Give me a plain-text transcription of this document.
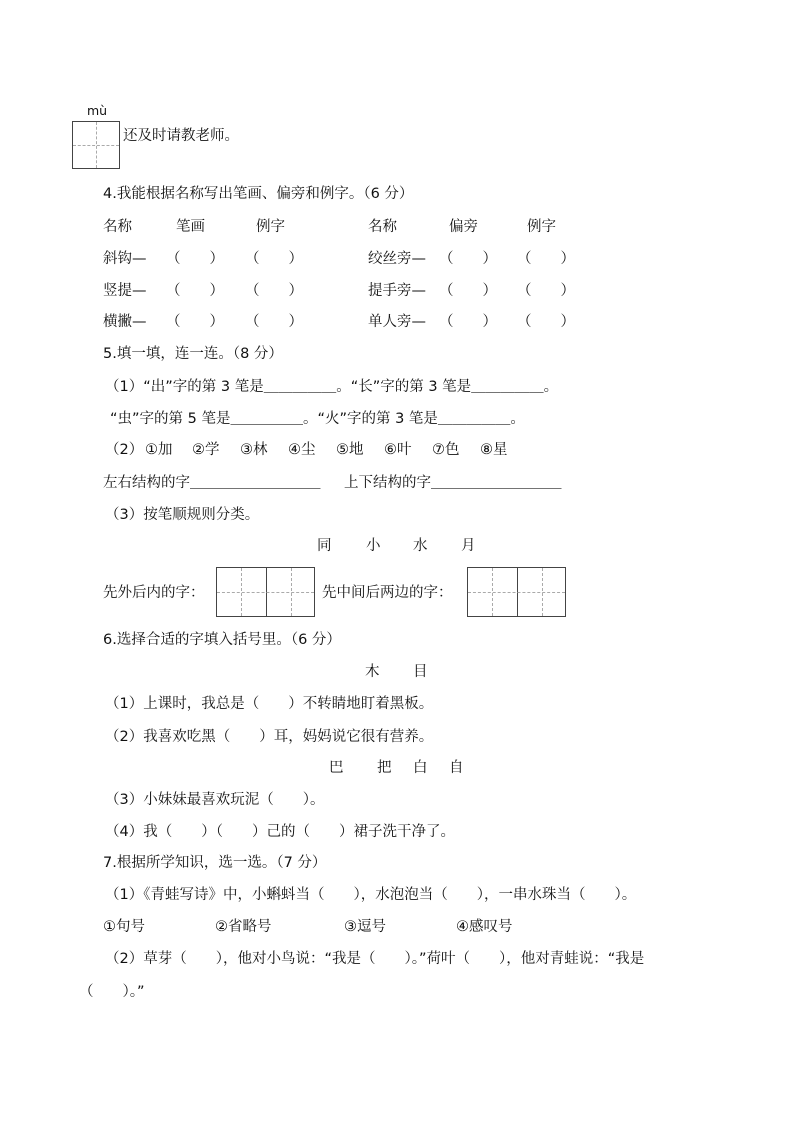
mù
还及时请教老师。
4.我能根据名称写出笔画、偏旁和例字。（6 分）
名称	笔画	例字	名称	偏旁	例字
斜钩— （　　） （　　）	绞丝旁— （　　） （　　）
竖提— （　　） （　　）	提手旁— （　　） （　　）
横撇— （　　） （　　）	单人旁— （　　） （　　）
5.填一填，连一连。（8 分）
（1）“出”字的第 3 笔是＿＿＿＿＿。“长”字的第 3 笔是＿＿＿＿＿。
“虫”字的第 5 笔是＿＿＿＿＿。“火”字的第 3 笔是＿＿＿＿＿。
（2） ①加 ②学 ③林 ④尘 ⑤地 ⑥叶 ⑦色 ⑧星
左右结构的字＿＿＿＿＿＿＿＿＿ 上下结构的字＿＿＿＿＿＿＿＿＿
（3）按笔顺规则分类。
同 小 水 月
先外后内的字：	先中间后两边的字：
6.选择合适的字填入括号里。（6 分）
木 目
（1）上课时，我总是（　　）不转睛地盯着黑板。
（2）我喜欢吃黑（　　）耳，妈妈说它很有营养。
巴 把 白 自
（3）小妹妹最喜欢玩泥（　　）。
（4）我（　　）（　　）己的（　　）裙子洗干净了。
7.根据所学知识，选一选。（7 分）
（1）《青蛙写诗》中，小蝌蚪当（　　），水泡泡当（　　），一串水珠当（　　）。
①句号	②省略号	③逗号	④感叹号
（2）草芽（　　），他对小鸟说：“我是（　　）。”荷叶（　　），他对青蛙说：“我是
（　　）。”
